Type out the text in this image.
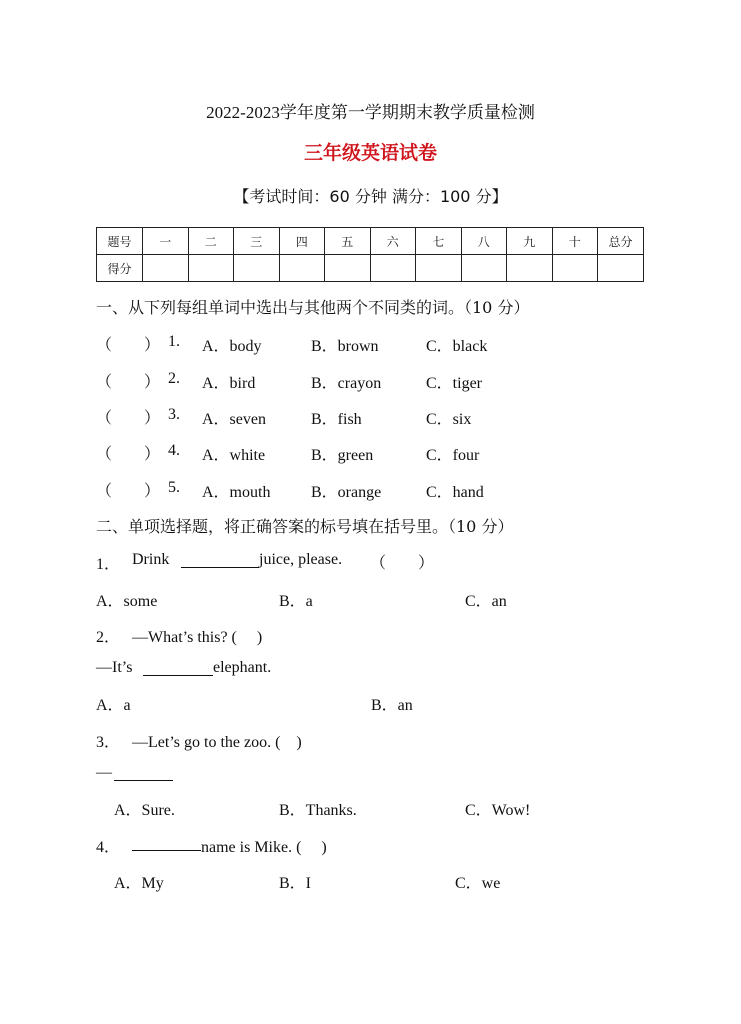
2022-2023学年度第一学期期末教学质量检测
三年级英语试卷
【考试时间：60 分钟 满分：100 分】
题号	一	二	三	四	五	六	七	八	九	十	总分
得分											
一、从下列每组单词中选出与其他两个不同类的词。（10 分）
（　　） 1. A．body	B．brown	C．black
（　　） 2. A．bird	B．crayon	C．tiger
（　　） 3. A．seven	B．fish	C．six
（　　） 4. A．white	B．green	C．four
（　　） 5. A．mouth	B．orange	C．hand
二、单项选择题，将正确答案的标号填在括号里。（10 分）
1． Drink	juice, please. （　　）
A．some	B．a	C．an
2． —What’s this? (　 )
—It’s	elephant.
A．a	B．an
3． —Let’s go to the zoo. (　)
—
A．Sure.	B．Thanks.	C．Wow!
4．	name is Mike. (　 )
A．My	B．I	C．we
